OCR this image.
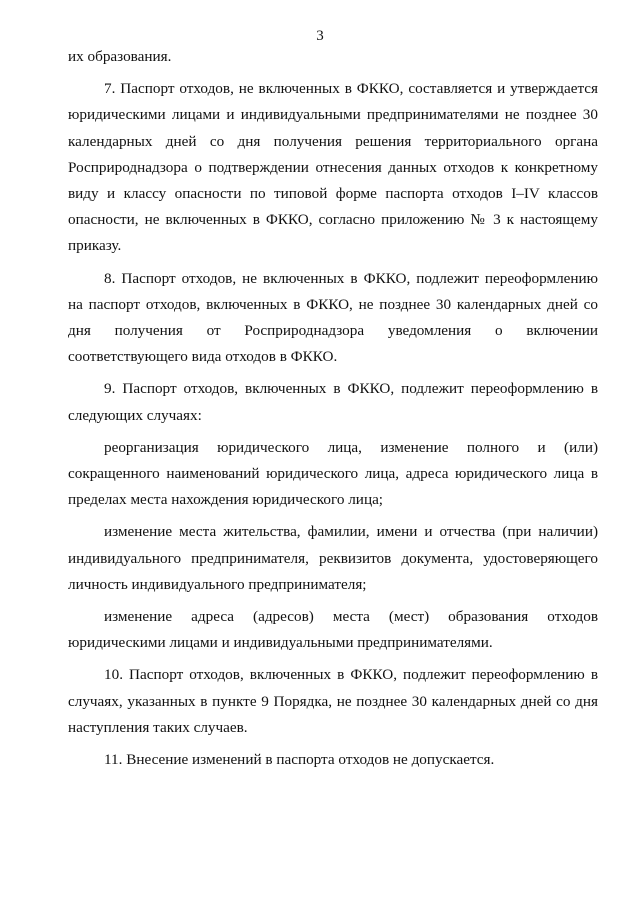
3

их образования.

7. Паспорт отходов, не включенных в ФККО, составляется и утверждается юридическими лицами и индивидуальными предпринимателями не позднее 30 календарных дней со дня получения решения территориального органа Росприроднадзора о подтверждении отнесения данных отходов к конкретному виду и классу опасности по типовой форме паспорта отходов I–IV классов опасности, не включенных в ФККО, согласно приложению № 3 к настоящему приказу.

8. Паспорт отходов, не включенных в ФККО, подлежит переоформлению на паспорт отходов, включенных в ФККО, не позднее 30 календарных дней со дня получения от Росприроднадзора уведомления о включении соответствующего вида отходов в ФККО.

9. Паспорт отходов, включенных в ФККО, подлежит переоформлению в следующих случаях:

реорганизация юридического лица, изменение полного и (или) сокращенного наименований юридического лица, адреса юридического лица в пределах места нахождения юридического лица;

изменение места жительства, фамилии, имени и отчества (при наличии) индивидуального предпринимателя, реквизитов документа, удостоверяющего личность индивидуального предпринимателя;

изменение адреса (адресов) места (мест) образования отходов юридическими лицами и индивидуальными предпринимателями.

10. Паспорт отходов, включенных в ФККО, подлежит переоформлению в случаях, указанных в пункте 9 Порядка, не позднее 30 календарных дней со дня наступления таких случаев.

11. Внесение изменений в паспорта отходов не допускается.
